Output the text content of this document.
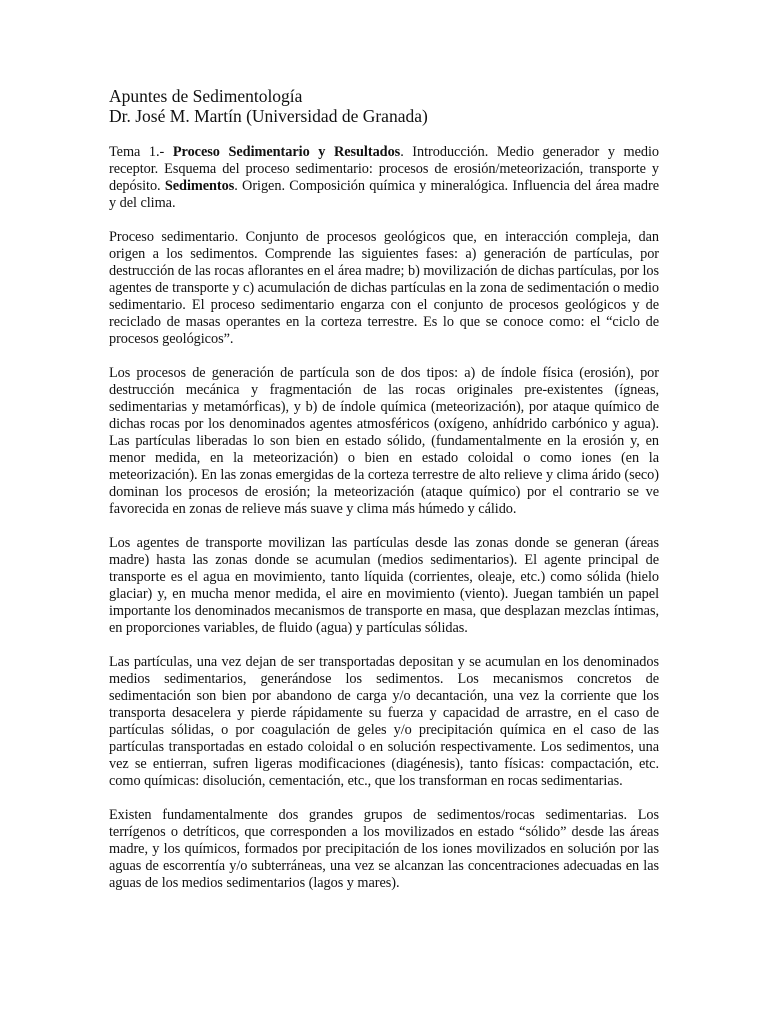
Apuntes de Sedimentología

Dr. José M. Martín (Universidad de Granada)

Tema 1.- Proceso Sedimentario y Resultados. Introducción. Medio generador y medio receptor. Esquema del proceso sedimentario: procesos de erosión/meteorización, transporte y depósito. Sedimentos. Origen. Composición química y mineralógica. Influencia del área madre y del clima.

Proceso sedimentario. Conjunto de procesos geológicos que, en interacción compleja, dan origen a los sedimentos. Comprende las siguientes fases: a) generación de partículas, por destrucción de las rocas aflorantes en el área madre; b) movilización de dichas partículas, por los agentes de transporte y c) acumulación de dichas partículas en la zona de sedimentación o medio sedimentario. El proceso sedimentario engarza con el conjunto de procesos geológicos y de reciclado de masas operantes en la corteza terrestre. Es lo que se conoce como: el “ciclo de procesos geológicos”.

Los procesos de generación de partícula son de dos tipos: a) de índole física (erosión), por destrucción mecánica y fragmentación de las rocas originales pre-existentes (ígneas, sedimentarias y metamórficas), y b) de índole química (meteorización), por ataque químico de dichas rocas por los denominados agentes atmosféricos (oxígeno, anhídrido carbónico y agua). Las partículas liberadas lo son bien en estado sólido, (fundamentalmente en la erosión y, en menor medida, en la meteorización) o bien en estado coloidal o como iones (en la meteorización). En las zonas emergidas de la corteza terrestre de alto relieve y clima árido (seco) dominan los procesos de erosión; la meteorización (ataque químico) por el contrario se ve favorecida en zonas de relieve más suave y clima más húmedo y cálido.

Los agentes de transporte movilizan las partículas desde las zonas donde se generan (áreas madre) hasta las zonas donde se acumulan (medios sedimentarios). El agente principal de transporte es el agua en movimiento, tanto líquida (corrientes, oleaje, etc.) como sólida (hielo glaciar) y, en mucha menor medida, el aire en movimiento (viento). Juegan también un papel importante los denominados mecanismos de transporte en masa, que desplazan mezclas íntimas, en proporciones variables, de fluido (agua) y partículas sólidas.

Las partículas, una vez dejan de ser transportadas depositan y se acumulan en los denominados medios sedimentarios, generándose los sedimentos. Los mecanismos concretos de sedimentación son bien por abandono de carga y/o decantación, una vez la corriente que los transporta desacelera y pierde rápidamente su fuerza y capacidad de arrastre, en el caso de partículas sólidas, o por coagulación de geles y/o precipitación química en el caso de las partículas transportadas en estado coloidal o en solución respectivamente. Los sedimentos, una vez se entierran, sufren ligeras modificaciones (diagénesis), tanto físicas: compactación, etc. como químicas: disolución, cementación, etc., que los transforman en rocas sedimentarias.

Existen fundamentalmente dos grandes grupos de sedimentos/rocas sedimentarias. Los terrígenos o detríticos, que corresponden a los movilizados en estado “sólido” desde las áreas madre, y los químicos, formados por precipitación de los iones movilizados en solución por las aguas de escorrentía y/o subterráneas, una vez se alcanzan las concentraciones adecuadas en las aguas de los medios sedimentarios (lagos y mares).
